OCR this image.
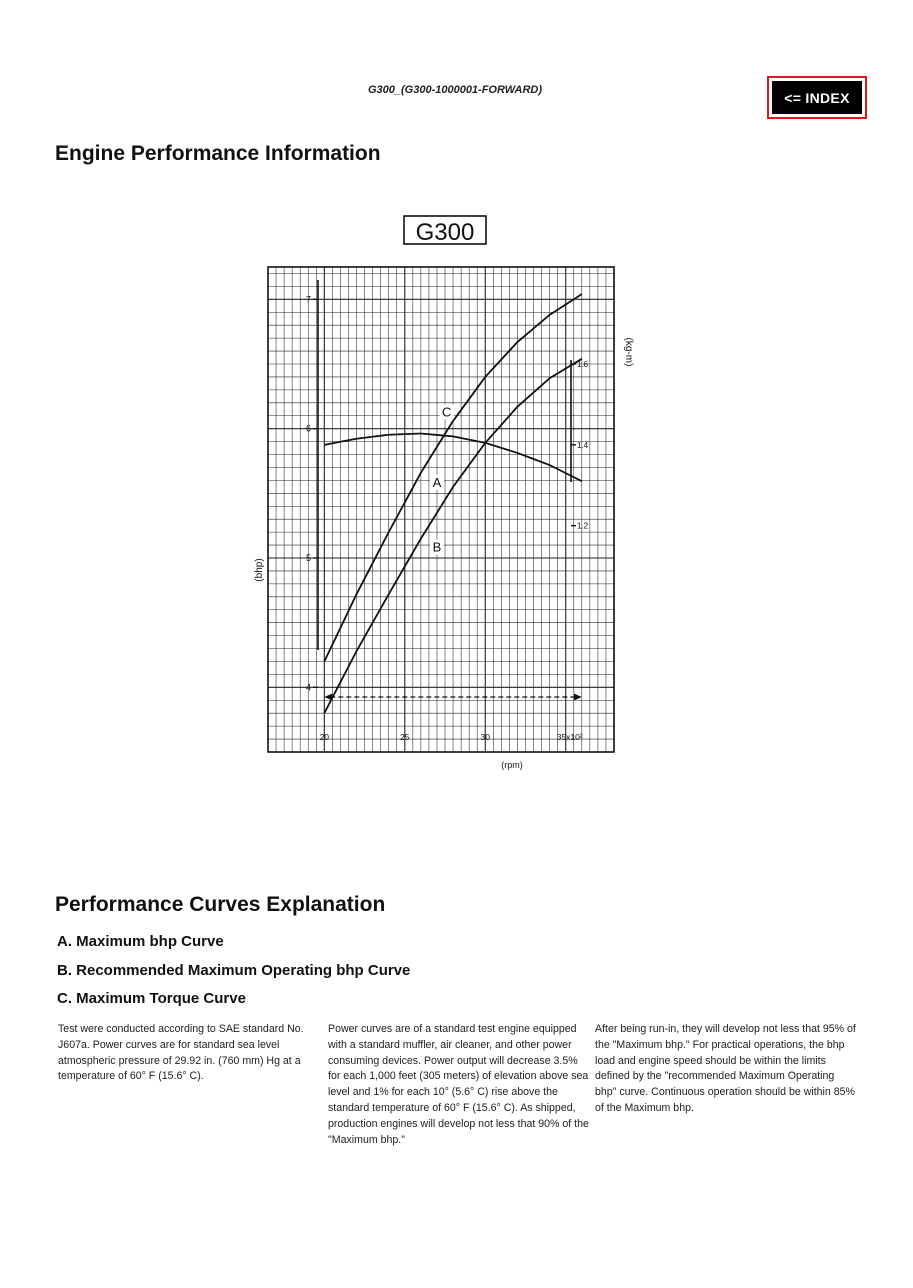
G300_(G300-1000001-FORWARD)	<= INDEX
Engine Performance Information
G300
4
5
6
7
1.2
1.4
1.6
20	25	30	35x10²
(rpm)
(bhp)
(kg-m)
A
B
C
Performance Curves Explanation
A. Maximum bhp Curve
B. Recommended Maximum Operating bhp Curve
C. Maximum Torque Curve
Test were conducted according to SAE standard No. J607a. Power curves are for standard sea level atmospheric pressure of 29.92 in. (760 mm) Hg at a temperature of 60° F (15.6° C).
Power curves are of a standard test engine equipped with a standard muffler, air cleaner, and other power consuming devices. Power output will decrease 3.5% for each 1,000 feet (305 meters) of elevation above sea level and 1% for each 10° (5.6° C) rise above the standard temperature of 60° F (15.6° C). As shipped, production engines will develop not less that 90% of the "Maximum bhp."
After being run-in, they will develop not less that 95% of the "Maximum bhp." For practical operations, the bhp load and engine speed should be within the limits defined by the "recommended Maximum Operating bhp" curve. Continuous operation should be within 85% of the Maximum bhp.
